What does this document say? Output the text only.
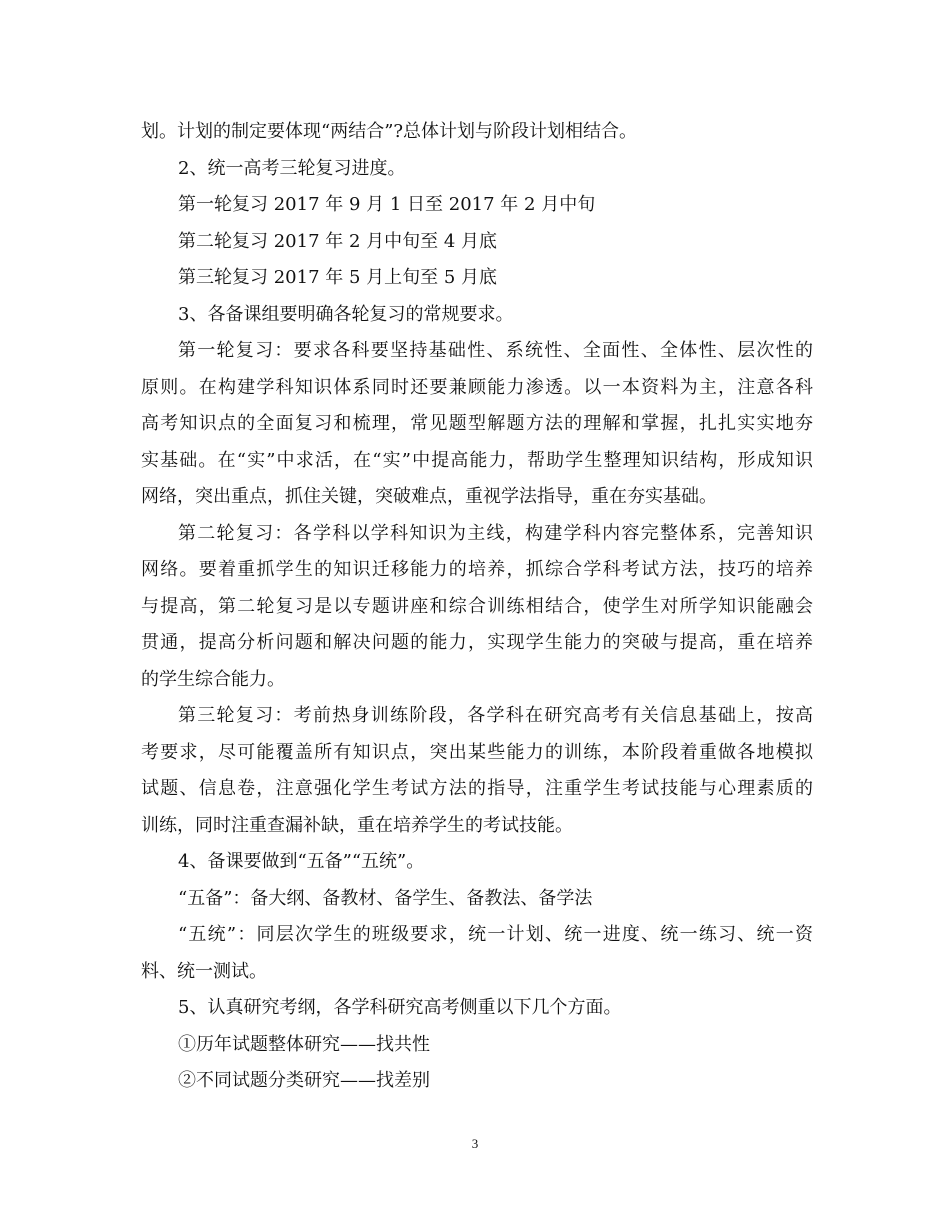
划。计划的制定要体现“两结合”?总体计划与阶段计划相结合。
2、统一高考三轮复习进度。
第一轮复习 2017 年 9 月 1 日至 2017 年 2 月中旬
第二轮复习 2017 年 2 月中旬至 4 月底
第三轮复习 2017 年 5 月上旬至 5 月底
3、各备课组要明确各轮复习的常规要求。
第一轮复习：要求各科要坚持基础性、系统性、全面性、全体性、层次性的
原则。在构建学科知识体系同时还要兼顾能力渗透。以一本资料为主，注意各科
高考知识点的全面复习和梳理，常见题型解题方法的理解和掌握，扎扎实实地夯
实基础。在“实”中求活，在“实”中提高能力，帮助学生整理知识结构，形成知识
网络，突出重点，抓住关键，突破难点，重视学法指导，重在夯实基础。
第二轮复习：各学科以学科知识为主线，构建学科内容完整体系，完善知识
网络。要着重抓学生的知识迁移能力的培养，抓综合学科考试方法，技巧的培养
与提高，第二轮复习是以专题讲座和综合训练相结合，使学生对所学知识能融会
贯通，提高分析问题和解决问题的能力，实现学生能力的突破与提高，重在培养
的学生综合能力。
第三轮复习：考前热身训练阶段，各学科在研究高考有关信息基础上，按高
考要求，尽可能覆盖所有知识点，突出某些能力的训练，本阶段着重做各地模拟
试题、信息卷，注意强化学生考试方法的指导，注重学生考试技能与心理素质的
训练，同时注重查漏补缺，重在培养学生的考试技能。
4、备课要做到“五备”“五统”。
“五备”：备大纲、备教材、备学生、备教法、备学法
“五统”：同层次学生的班级要求，统一计划、统一进度、统一练习、统一资
料、统一测试。
5、认真研究考纲，各学科研究高考侧重以下几个方面。
①历年试题整体研究——找共性
②不同试题分类研究——找差别
3
